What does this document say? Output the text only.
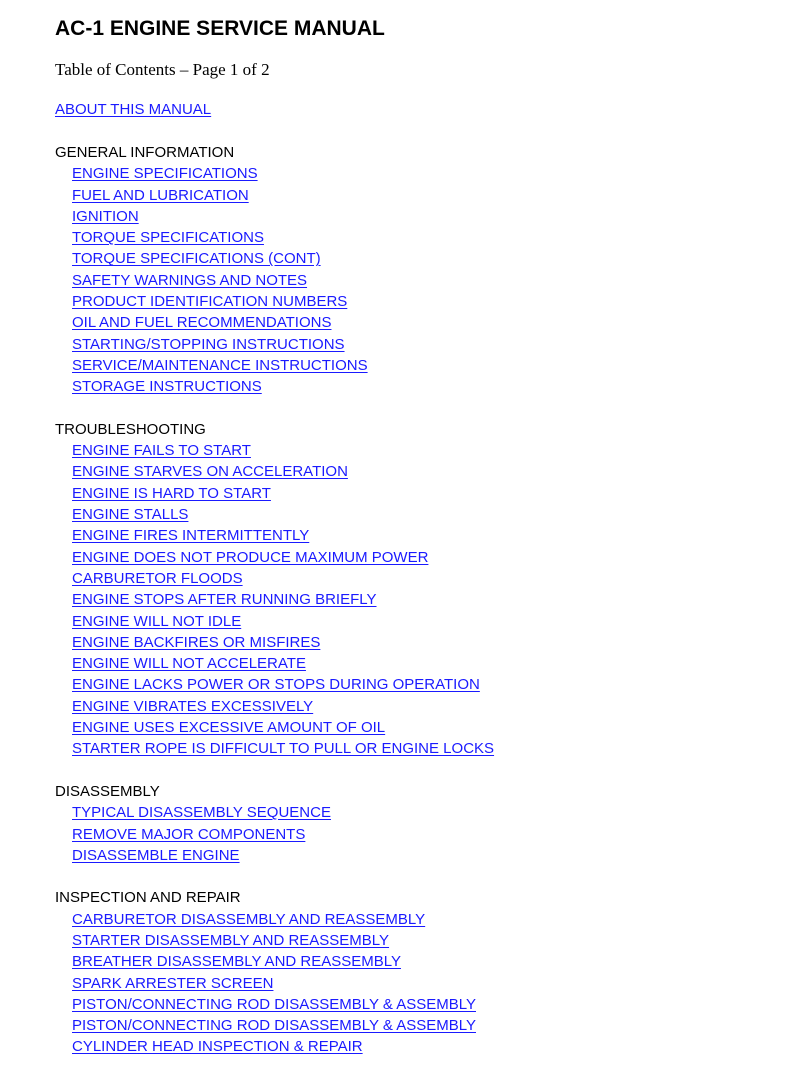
AC-1 ENGINE SERVICE MANUAL

Table of Contents – Page 1 of 2

ABOUT THIS MANUAL
GENERAL INFORMATION
ENGINE SPECIFICATIONS
FUEL AND LUBRICATION
IGNITION
TORQUE SPECIFICATIONS
TORQUE SPECIFICATIONS (CONT)
SAFETY WARNINGS AND NOTES
PRODUCT IDENTIFICATION NUMBERS
OIL AND FUEL RECOMMENDATIONS
STARTING/STOPPING INSTRUCTIONS
SERVICE/MAINTENANCE INSTRUCTIONS
STORAGE INSTRUCTIONS
TROUBLESHOOTING
ENGINE FAILS TO START
ENGINE STARVES ON ACCELERATION
ENGINE IS HARD TO START
ENGINE STALLS
ENGINE FIRES INTERMITTENTLY
ENGINE DOES NOT PRODUCE MAXIMUM POWER
CARBURETOR FLOODS
ENGINE STOPS AFTER RUNNING BRIEFLY
ENGINE WILL NOT IDLE
ENGINE BACKFIRES OR MISFIRES
ENGINE WILL NOT ACCELERATE
ENGINE LACKS POWER OR STOPS DURING OPERATION
ENGINE VIBRATES EXCESSIVELY
ENGINE USES EXCESSIVE AMOUNT OF OIL
STARTER ROPE IS DIFFICULT TO PULL OR ENGINE LOCKS
DISASSEMBLY
TYPICAL DISASSEMBLY SEQUENCE
REMOVE MAJOR COMPONENTS
DISASSEMBLE ENGINE
INSPECTION AND REPAIR
CARBURETOR DISASSEMBLY AND REASSEMBLY
STARTER DISASSEMBLY AND REASSEMBLY
BREATHER DISASSEMBLY AND REASSEMBLY
SPARK ARRESTER SCREEN
PISTON/CONNECTING ROD DISASSEMBLY & ASSEMBLY
PISTON/CONNECTING ROD DISASSEMBLY & ASSEMBLY
CYLINDER HEAD INSPECTION & REPAIR
